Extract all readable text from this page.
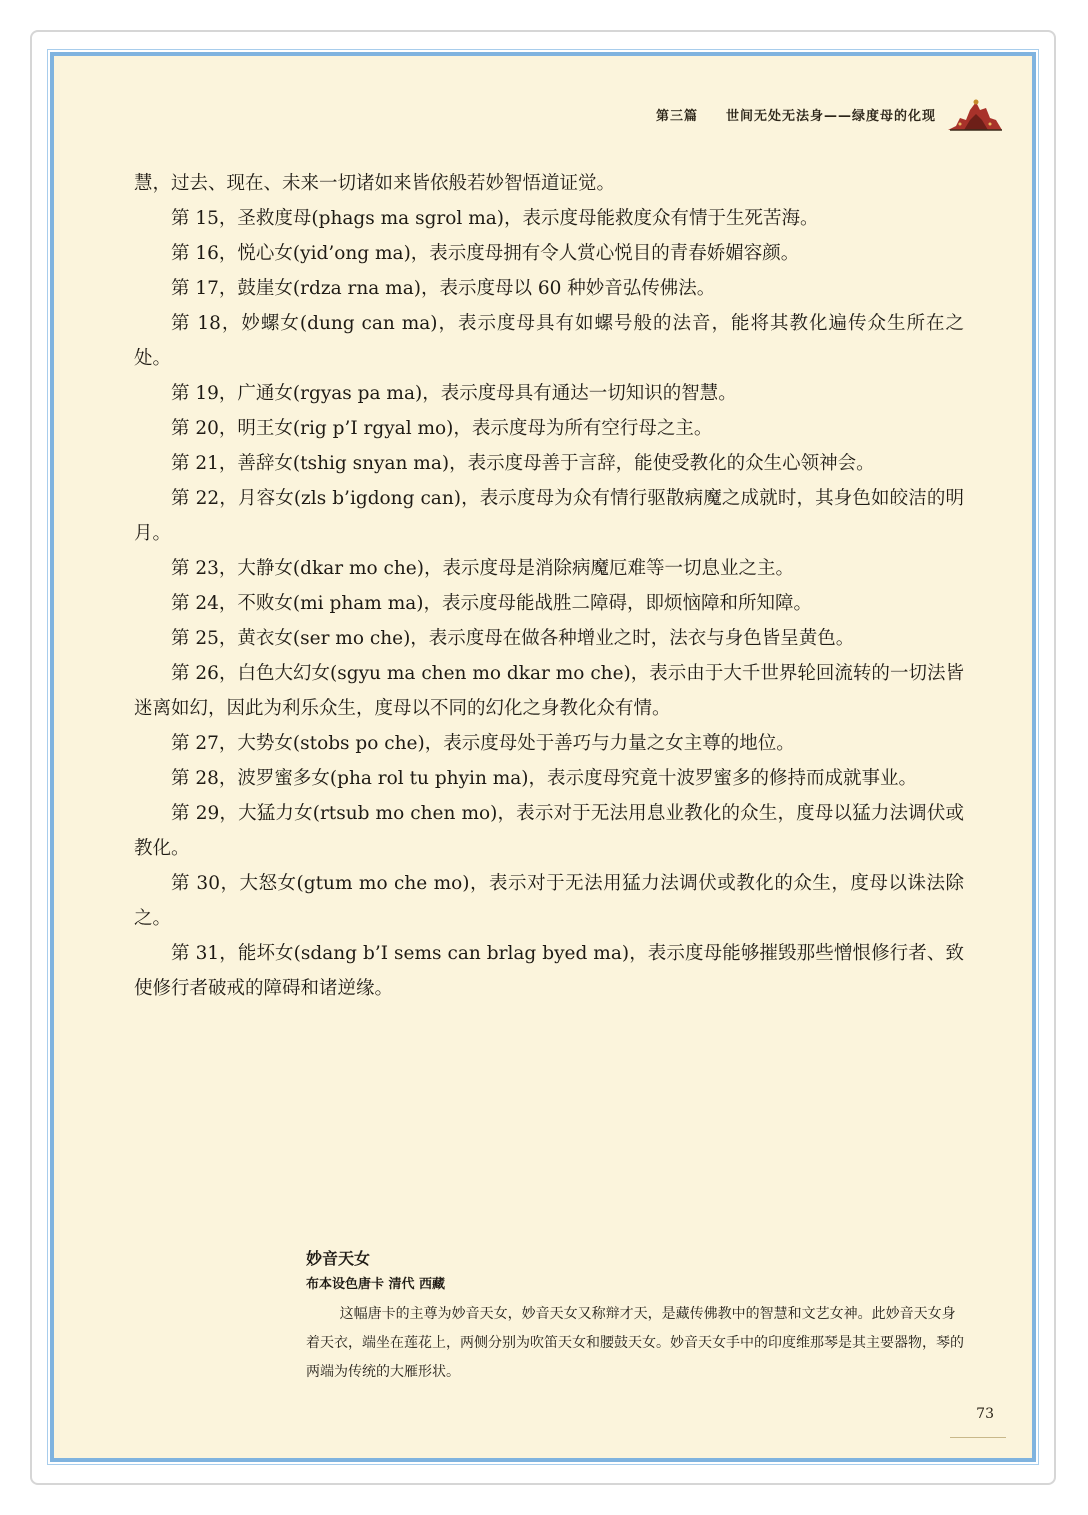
第三篇 世间无处无法身——绿度母的化现

慧，过去、现在、未来一切诸如来皆依般若妙智悟道证觉。

第 15，圣救度母(phags ma sgrol ma)，表示度母能救度众有情于生死苦海。

第 16，悦心女(yid’ong ma)，表示度母拥有令人赏心悦目的青春娇媚容颜。

第 17，鼓崖女(rdza rna ma)，表示度母以 60 种妙音弘传佛法。

第 18，妙螺女(dung can ma)，表示度母具有如螺号般的法音，能将其教化遍传众生所在之处。

第 19，广通女(rgyas pa ma)，表示度母具有通达一切知识的智慧。

第 20，明王女(rig p’I rgyal mo)，表示度母为所有空行母之主。

第 21，善辞女(tshig snyan ma)，表示度母善于言辞，能使受教化的众生心领神会。

第 22，月容女(zls b’igdong can)，表示度母为众有情行驱散病魔之成就时，其身色如皎洁的明月。

第 23，大静女(dkar mo che)，表示度母是消除病魔厄难等一切息业之主。

第 24，不败女(mi pham ma)，表示度母能战胜二障碍，即烦恼障和所知障。

第 25，黄衣女(ser mo che)，表示度母在做各种增业之时，法衣与身色皆呈黄色。

第 26，白色大幻女(sgyu ma chen mo dkar mo che)，表示由于大千世界轮回流转的一切法皆迷离如幻，因此为利乐众生，度母以不同的幻化之身教化众有情。

第 27，大势女(stobs po che)，表示度母处于善巧与力量之女主尊的地位。

第 28，波罗蜜多女(pha rol tu phyin ma)，表示度母究竟十波罗蜜多的修持而成就事业。

第 29，大猛力女(rtsub mo chen mo)，表示对于无法用息业教化的众生，度母以猛力法调伏或教化。

第 30，大怒女(gtum mo che mo)，表示对于无法用猛力法调伏或教化的众生，度母以诛法除之。

第 31，能坏女(sdang b’I sems can brlag byed ma)，表示度母能够摧毁那些憎恨修行者、致使修行者破戒的障碍和诸逆缘。

妙音天女
布本设色唐卡 清代 西藏

这幅唐卡的主尊为妙音天女，妙音天女又称辩才天，是藏传佛教中的智慧和文艺女神。此妙音天女身着天衣，端坐在莲花上，两侧分别为吹笛天女和腰鼓天女。妙音天女手中的印度维那琴是其主要器物，琴的两端为传统的大雁形状。

73
